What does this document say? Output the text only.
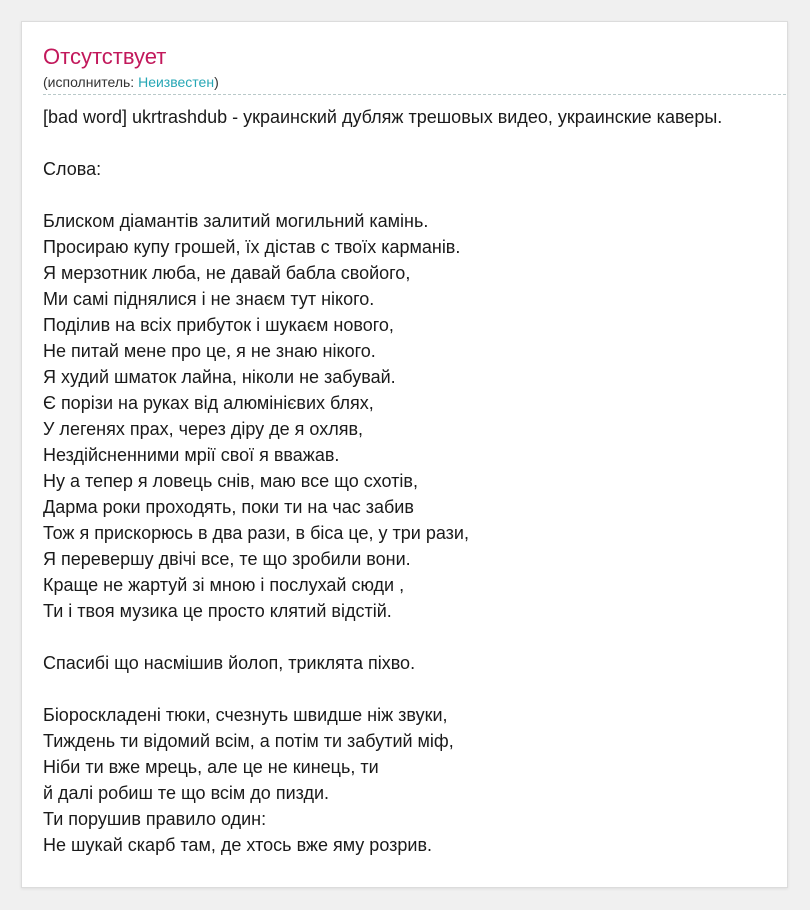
Отсутствует
(исполнитель: Неизвестен)
[bad word] ukrtrashdub - украинский дубляж трешовых видео, украинские каверы.
Слова:
Блиском діамантів залитий могильний камінь.
Просираю купу грошей, їх дістав с твоїх карманів.
Я мерзотник люба, не давай бабла свойого,
Ми самі піднялися і не знаєм тут нікого.
Поділив на всіх прибуток і шукаєм нового,
Не питай мене про це, я не знаю нікого.
Я худий шматок лайна, ніколи не забувай.
Є порізи на руках від алюмінієвих блях,
У легенях прах, через діру де я охляв,
Нездійсненними мрії свої я вважав.
Ну а тепер я ловець снів, маю все що схотів,
Дарма роки проходять, поки ти на час забив
Тож я прискорюсь в два рази, в біса це, у три рази,
Я перевершу двічі все, те що зробили вони.
Краще не жартуй зі мною і послухай сюди ,
Ти і твоя музика це просто клятий відстій.
Спасибі що насмішив йолоп, триклята піхво.
Біороскладені тюки, счезнуть швидше ніж звуки,
Тиждень ти відомий всім, а потім ти забутий міф,
Ніби ти вже мрець, але це не кинець, ти
й далі робиш те що всім до пизди.
Ти порушив правило один:
Не шукай скарб там, де хтось вже яму розрив.
